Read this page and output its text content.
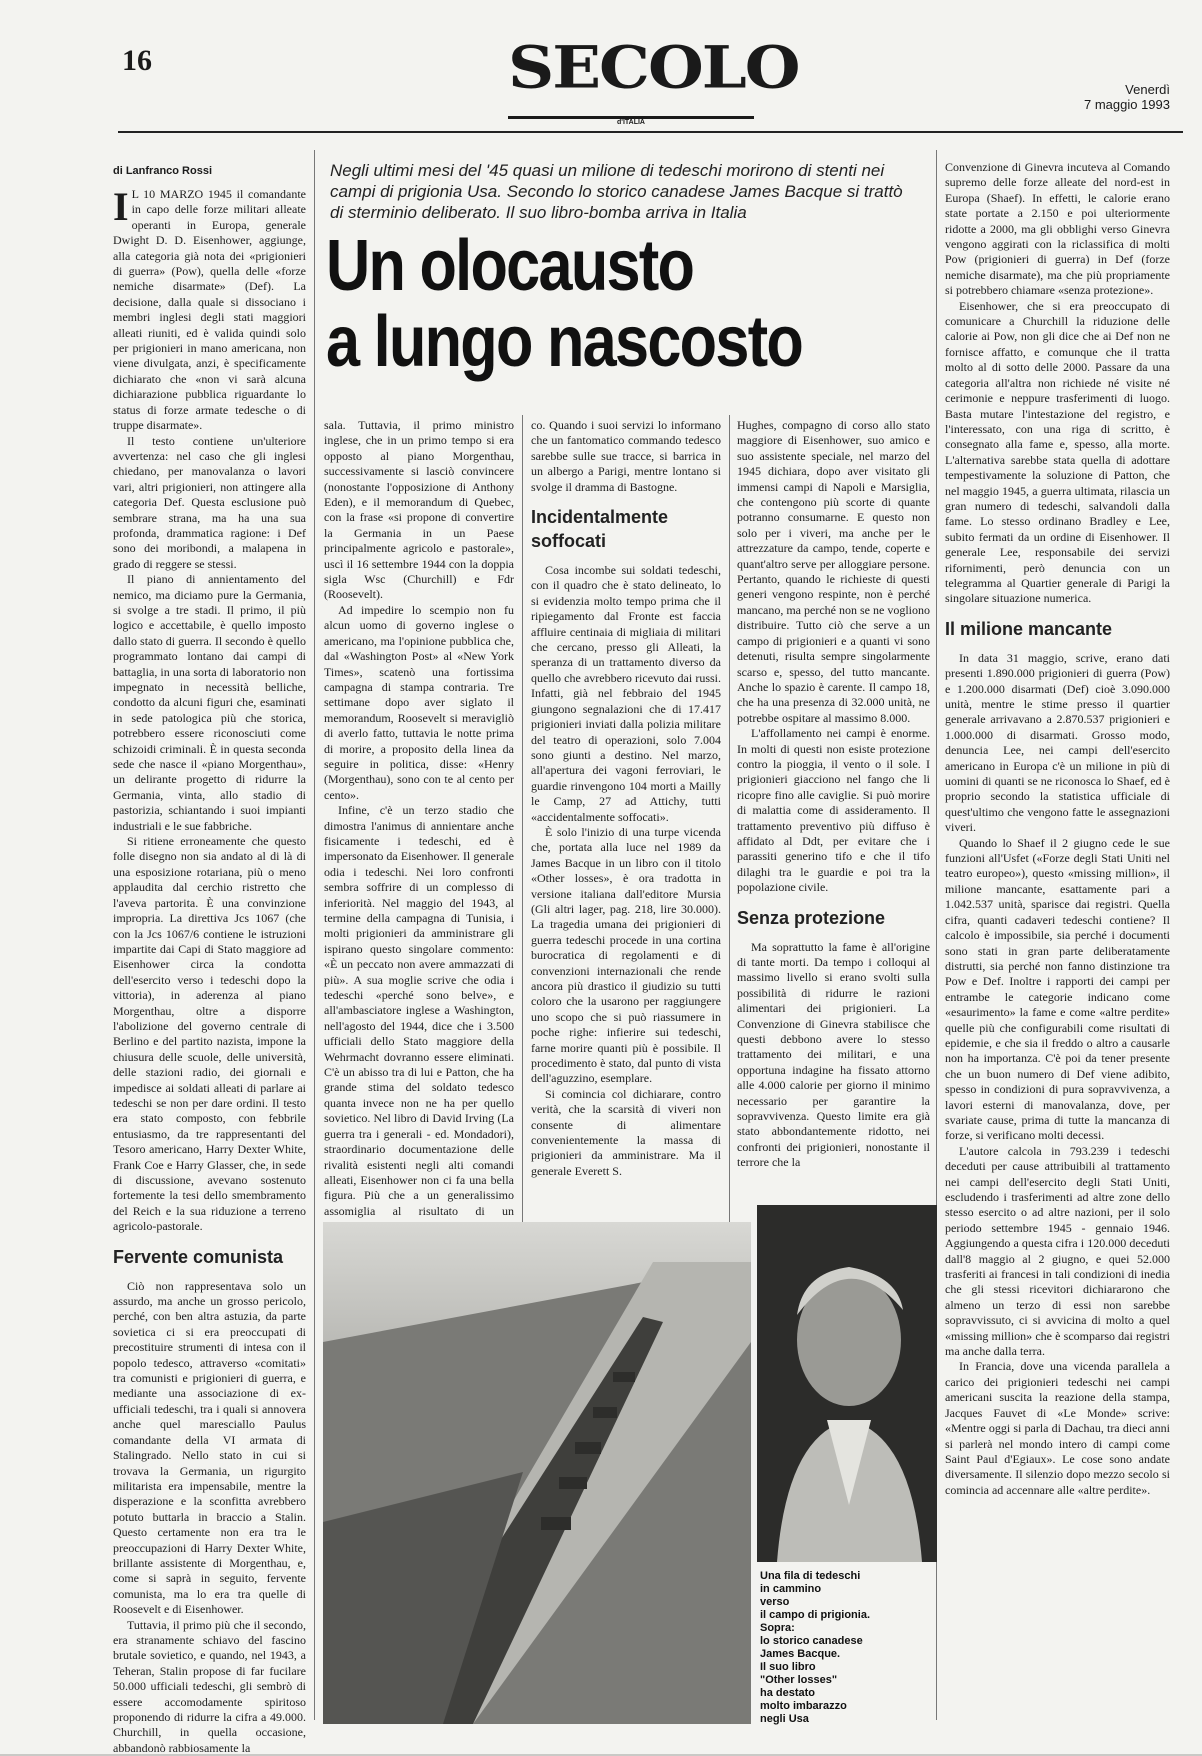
16	SECOLO
d'ITALIA
Venerdì
7 maggio 1993
di Lanfranco Rossi

I L 10 MARZO 1945 il comandante in capo delle forze militari alleate operanti in Europa, generale Dwight D. D. Eisenhower, aggiunge, alla categoria già nota dei «prigionieri di guerra» (Pow), quella delle «forze nemiche disarmate» (Def). La decisione, dalla quale si dissociano i membri inglesi degli stati maggiori alleati riuniti, ed è valida quindi solo per prigionieri in mano americana, non viene divulgata, anzi, è specificamente dichiarato che «non vi sarà alcuna dichiarazione pubblica riguardante lo status di forze armate tedesche o di truppe disarmate».

Il testo contiene un'ulteriore avvertenza: nel caso che gli inglesi chiedano, per manovalanza o lavori vari, altri prigionieri, non attingere alla categoria Def. Questa esclusione può sembrare strana, ma ha una sua profonda, drammatica ragione: i Def sono dei moribondi, a malapena in grado di reggere se stessi.

Il piano di annientamento del nemico, ma diciamo pure la Germania, si svolge a tre stadi. Il primo, il più logico e accettabile, è quello imposto dallo stato di guerra. Il secondo è quello programmato lontano dai campi di battaglia, in una sorta di laboratorio non impegnato in necessità belliche, condotto da alcuni figuri che, esaminati in sede patologica più che storica, potrebbero essere riconosciuti come schizoidi criminali. È in questa seconda sede che nasce il «piano Morgenthau», un delirante progetto di ridurre la Germania, vinta, allo stadio di pastorizia, schiantando i suoi impianti industriali e le sue fabbriche.

Si ritiene erroneamente che questo folle disegno non sia andato al di là di una esposizione rotariana, più o meno applaudita dal cerchio ristretto che l'aveva partorita. È una convinzione impropria. La direttiva Jcs 1067 (che con la Jcs 1067/6 contiene le istruzioni impartite dai Capi di Stato maggiore ad Eisenhower circa la condotta dell'esercito verso i tedeschi dopo la vittoria), in aderenza al piano Morgenthau, oltre a disporre l'abolizione del governo centrale di Berlino e del partito nazista, impone la chiusura delle scuole, delle università, delle stazioni radio, dei giornali e impedisce ai soldati alleati di parlare ai tedeschi se non per dare ordini. Il testo era stato composto, con febbrile entusiasmo, da tre rappresentanti del Tesoro americano, Harry Dexter White, Frank Coe e Harry Glasser, che, in sede di discussione, avevano sostenuto fortemente la tesi dello smembramento del Reich e la sua riduzione a terreno agricolo-pastorale.

Fervente comunista

Ciò non rappresentava solo un assurdo, ma anche un grosso pericolo, perché, con ben altra astuzia, da parte sovietica ci si era preoccupati di precostituire strumenti di intesa con il popolo tedesco, attraverso «comitati» tra comunisti e prigionieri di guerra, e mediante una associazione di ex-ufficiali tedeschi, tra i quali si annovera anche quel maresciallo Paulus comandante della VI armata di Stalingrado. Nello stato in cui si trovava la Germania, un rigurgito militarista era impensabile, mentre la disperazione e la sconfitta avrebbero potuto buttarla in braccio a Stalin. Questo certamente non era tra le preoccupazioni di Harry Dexter White, brillante assistente di Morgenthau, e, come si saprà in seguito, fervente comunista, ma lo era tra quelle di Roosevelt e di Eisenhower.

Tuttavia, il primo più che il secondo, era stranamente schiavo del fascino brutale sovietico, e quando, nel 1943, a Teheran, Stalin propose di far fucilare 50.000 ufficiali tedeschi, gli sembrò di essere accomodamente spiritoso proponendo di ridurre la cifra a 49.000. Churchill, in quella occasione, abbandonò rabbiosamente la

Negli ultimi mesi del '45 quasi un milione di tedeschi morirono di stenti nei campi di prigionia Usa. Secondo lo storico canadese James Bacque si trattò di sterminio deliberato. Il suo libro-bomba arriva in Italia
Un olocausto
a lungo nascosto

sala. Tuttavia, il primo ministro inglese, che in un primo tempo si era opposto al piano Morgenthau, successivamente si lasciò convincere (nonostante l'opposizione di Anthony Eden), e il memorandum di Quebec, con la frase «si propone di convertire la Germania in un Paese principalmente agricolo e pastorale», uscì il 16 settembre 1944 con la doppia sigla Wsc (Churchill) e Fdr (Roosevelt).

Ad impedire lo scempio non fu alcun uomo di governo inglese o americano, ma l'opinione pubblica che, dal «Washington Post» al «New York Times», scatenò una fortissima campagna di stampa contraria. Tre settimane dopo aver siglato il memorandum, Roosevelt si meravigliò di averlo fatto, tuttavia le notte prima di morire, a proposito della linea da seguire in politica, disse: «Henry (Morgenthau), sono con te al cento per cento».

Infine, c'è un terzo stadio che dimostra l'animus di annientare anche fisicamente i tedeschi, ed è impersonato da Eisenhower. Il generale odia i tedeschi. Nei loro confronti sembra soffrire di un complesso di inferiorità. Nel maggio del 1943, al termine della campagna di Tunisia, i molti prigionieri da amministrare gli ispirano questo singolare commento: «È un peccato non avere ammazzati di più». A sua moglie scrive che odia i tedeschi «perché sono belve», e all'ambasciatore inglese a Washington, nell'agosto del 1944, dice che i 3.500 ufficiali dello Stato maggiore della Wehrmacht dovranno essere eliminati. C'è un abisso tra di lui e Patton, che ha grande stima del soldato tedesco quanta invece non ne ha per quello sovietico. Nel libro di David Irving (La guerra tra i generali - ed. Mondadori), straordinario documentazione delle rivalità esistenti negli alti comandi alleati, Eisenhower non ci fa una bella figura. Più che a un generalissimo assomiglia al risultato di un

co. Quando i suoi servizi lo informano che un fantomatico commando tedesco sarebbe sulle sue tracce, si barrica in un albergo a Parigi, mentre lontano si svolge il dramma di Bastogne.

Incidentalmente soffocati

Cosa incombe sui soldati tedeschi, con il quadro che è stato delineato, lo si evidenzia molto tempo prima che il ripiegamento dal Fronte est faccia affluire centinaia di migliaia di militari che cercano, presso gli Alleati, la speranza di un trattamento diverso da quello che avrebbero ricevuto dai russi. Infatti, già nel febbraio del 1945 giungono segnalazioni che di 17.417 prigionieri inviati dalla polizia militare del teatro di operazioni, solo 7.004 sono giunti a destino. Nel marzo, all'apertura dei vagoni ferroviari, le guardie rinvengono 104 morti a Mailly le Camp, 27 ad Attichy, tutti «accidentalmente soffocati».

È solo l'inizio di una turpe vicenda che, portata alla luce nel 1989 da James Bacque in un libro con il titolo «Other losses», è ora tradotta in versione italiana dall'editore Mursia (Gli altri lager, pag. 218, lire 30.000). La tragedia umana dei prigionieri di guerra tedeschi procede in una cortina burocratica di regolamenti e di convenzioni internazionali che rende ancora più drastico il giudizio su tutti coloro che la usarono per raggiungere uno scopo che si può riassumere in poche righe: infierire sui tedeschi, farne morire quanti più è possibile. Il procedimento è stato, dal punto di vista dell'aguzzino, esemplare.

Si comincia col dichiarare, contro verità, che la scarsità di viveri non consente di alimentare convenientemente la massa di prigionieri da amministrare. Ma il generale Everett S.

Hughes, compagno di corso allo stato maggiore di Eisenhower, suo amico e suo assistente speciale, nel marzo del 1945 dichiara, dopo aver visitato gli immensi campi di Napoli e Marsiglia, che contengono più scorte di quante potranno consumarne. E questo non solo per i viveri, ma anche per le attrezzature da campo, tende, coperte e quant'altro serve per alloggiare persone. Pertanto, quando le richieste di questi generi vengono respinte, non è perché mancano, ma perché non se ne vogliono distribuire. Tutto ciò che serve a un campo di prigionieri e a quanti vi sono detenuti, risulta sempre singolarmente scarso e, spesso, del tutto mancante. Anche lo spazio è carente. Il campo 18, che ha una presenza di 32.000 unità, ne potrebbe ospitare al massimo 8.000.

L'affollamento nei campi è enorme. In molti di questi non esiste protezione contro la pioggia, il vento o il sole. I prigionieri giacciono nel fango che li ricopre fino alle caviglie. Si può morire di malattia come di assideramento. Il trattamento preventivo più diffuso è affidato al Ddt, per evitare che i parassiti generino tifo e che il tifo dilaghi tra le guardie e poi tra la popolazione civile.

Senza protezione

Ma soprattutto la fame è all'origine di tante morti. Da tempo i colloqui al massimo livello si erano svolti sulla possibilità di ridurre le razioni alimentari dei prigionieri. La Convenzione di Ginevra stabilisce che questi debbono avere lo stesso trattamento dei militari, e una opportuna indagine ha fissato attorno alle 4.000 calorie per giorno il minimo necessario per garantire la sopravvivenza. Questo limite era già stato abbondantemente ridotto, nei confronti dei prigionieri, nonostante il terrore che la

Convenzione di Ginevra incuteva al Comando supremo delle forze alleate del nord-est in Europa (Shaef). In effetti, le calorie erano state portate a 2.150 e poi ulteriormente ridotte a 2000, ma gli obblighi verso Ginevra vengono aggirati con la riclassifica di molti Pow (prigionieri di guerra) in Def (forze nemiche disarmate), ma che più propriamente si potrebbero chiamare «senza protezione».

Eisenhower, che si era preoccupato di comunicare a Churchill la riduzione delle calorie ai Pow, non gli dice che ai Def non ne fornisce affatto, e comunque che il tratta molto al di sotto delle 2000. Passare da una categoria all'altra non richiede né visite né cerimonie e neppure trasferimenti di luogo. Basta mutare l'intestazione del registro, e l'interessato, con una riga di scritto, è consegnato alla fame e, spesso, alla morte. L'alternativa sarebbe stata quella di adottare tempestivamente la soluzione di Patton, che nel maggio 1945, a guerra ultimata, rilascia un gran numero di tedeschi, salvandoli dalla fame. Lo stesso ordinano Bradley e Lee, subito fermati da un ordine di Eisenhower. Il generale Lee, responsabile dei servizi rifornimenti, però denuncia con un telegramma al Quartier generale di Parigi la singolare situazione numerica.

Il milione mancante

In data 31 maggio, scrive, erano dati presenti 1.890.000 prigionieri di guerra (Pow) e 1.200.000 disarmati (Def) cioè 3.090.000 unità, mentre le stime presso il quartier generale arrivavano a 2.870.537 prigionieri e 1.000.000 di disarmati. Grosso modo, denuncia Lee, nei campi dell'esercito americano in Europa c'è un milione in più di uomini di quanti se ne riconosca lo Shaef, ed è proprio secondo la statistica ufficiale di quest'ultimo che vengono fatte le assegnazioni viveri.

Quando lo Shaef il 2 giugno cede le sue funzioni all'Usfet («Forze degli Stati Uniti nel teatro europeo»), questo «missing million», il milione mancante, esattamente pari a 1.042.537 unità, sparisce dai registri. Quella cifra, quanti cadaveri tedeschi contiene? Il calcolo è impossibile, sia perché i documenti sono stati in gran parte deliberatamente distrutti, sia perché non fanno distinzione tra Pow e Def. Inoltre i rapporti dei campi per entrambe le categorie indicano come «esaurimento» la fame e come «altre perdite» quelle più che configurabili come risultati di epidemie, e che sia il freddo o altro a causarle non ha importanza. C'è poi da tener presente che un buon numero di Def viene adibito, spesso in condizioni di pura sopravvivenza, a lavori esterni di manovalanza, dove, per svariate cause, prima di tutte la mancanza di forze, si verificano molti decessi.

L'autore calcola in 793.239 i tedeschi deceduti per cause attribuibili al trattamento nei campi dell'esercito degli Stati Uniti, escludendo i trasferimenti ad altre zone dello stesso esercito o ad altre nazioni, per il solo periodo settembre 1945 - gennaio 1946. Aggiungendo a questa cifra i 120.000 deceduti dall'8 maggio al 2 giugno, e quei 52.000 trasferiti ai francesi in tali condizioni di inedia che gli stessi ricevitori dichiararono che almeno un terzo di essi non sarebbe sopravvissuto, ci si avvicina di molto a quel «missing million» che è scomparso dai registri ma anche dalla terra.

In Francia, dove una vicenda parallela a carico dei prigionieri tedeschi nei campi americani suscita la reazione della stampa, Jacques Fauvet di «Le Monde» scrive: «Mentre oggi si parla di Dachau, tra dieci anni si parlerà nel mondo intero di campi come Saint Paul d'Egiaux». Le cose sono andate diversamente. Il silenzio dopo mezzo secolo si comincia ad accennare alle «altre perdite».

Una fila di tedeschi
in cammino
verso
il campo di prigionia.
Sopra:
lo storico canadese
James Bacque.
Il suo libro
"Other losses"
ha destato
molto imbarazzo
negli Usa
